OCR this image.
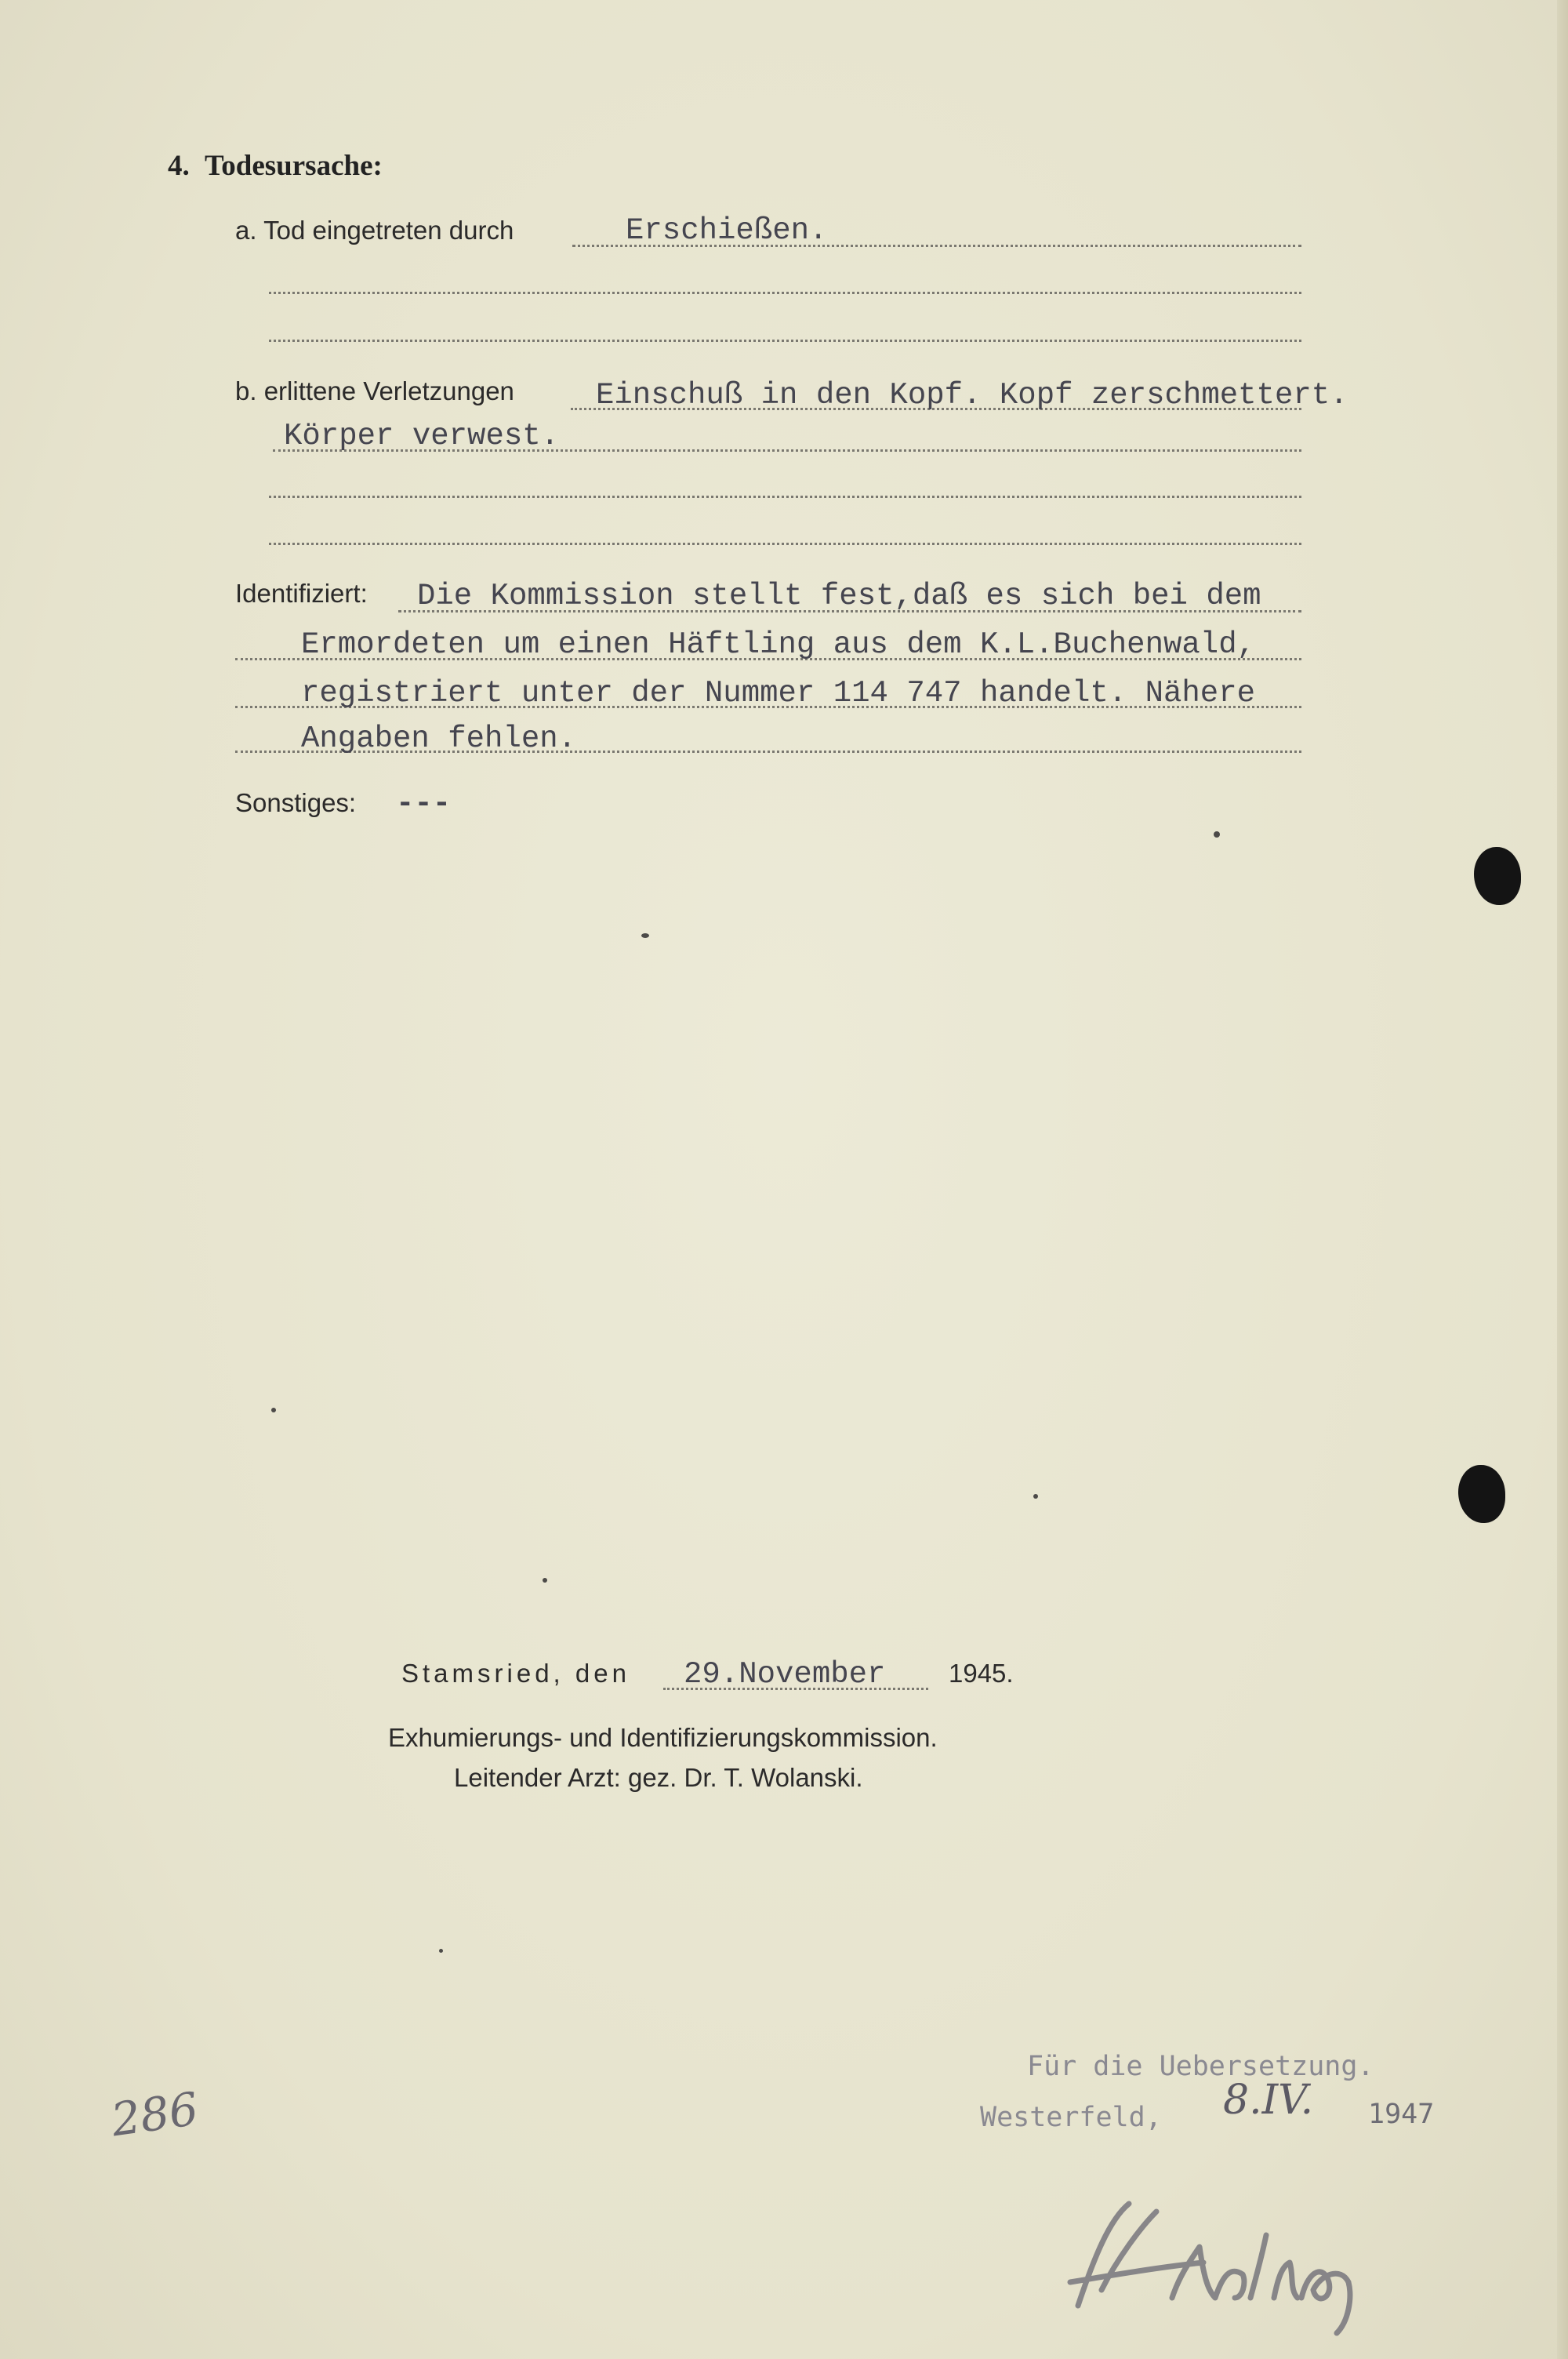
4. Todesursache:
a. Tod eingetreten durch	Erschießen.
b. erlittene Verletzungen	Einschuß in den Kopf. Kopf zerschmettert.
Körper verwest.
Identifiziert: Die Kommission stellt fest,daß es sich bei dem
Ermordeten um einen Häftling aus dem K.L.Buchenwald,
registriert unter der Nummer 114 747 handelt. Nähere
Angaben fehlen.
Sonstiges: ---
Stamsried, den 29.November 1945.
Exhumierungs- und Identifizierungskommission.
Leitender Arzt: gez. Dr. T. Wolanski.
Für die Uebersetzung.
Westerfeld, 8.IV. 1947
286
